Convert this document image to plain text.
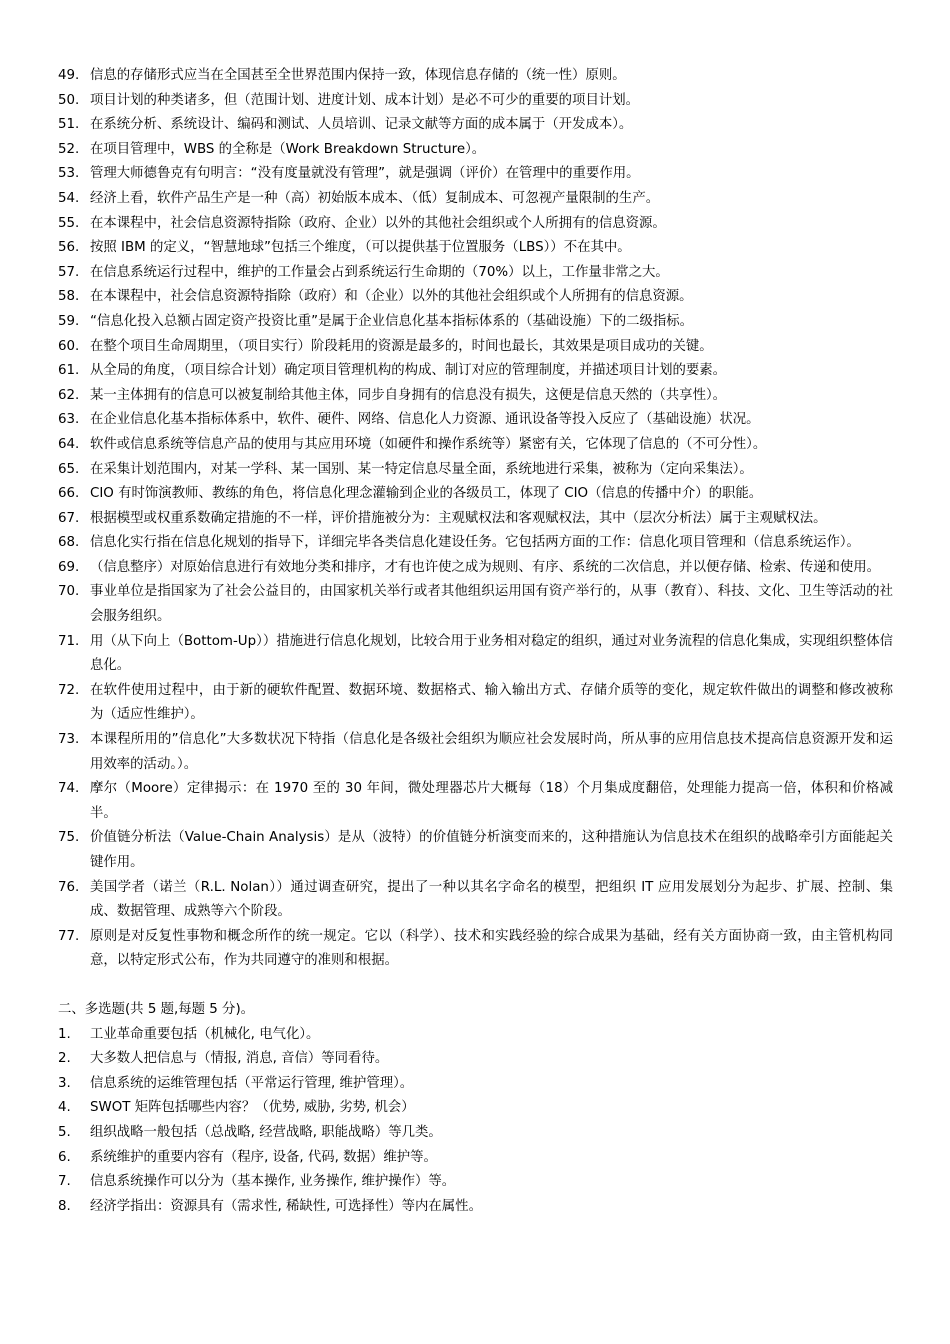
49. 信息的存储形式应当在全国甚至全世界范围内保持一致，体现信息存储的（统一性）原则。
50. 项目计划的种类诸多，但（范围计划、进度计划、成本计划）是必不可少的重要的项目计划。
51. 在系统分析、系统设计、编码和测试、人员培训、记录文献等方面的成本属于（开发成本）。
52. 在项目管理中，WBS 的全称是（Work Breakdown Structure）。
53. 管理大师德鲁克有句明言：“没有度量就没有管理”，就是强调（评价）在管理中的重要作用。
54. 经济上看，软件产品生产是一种（高）初始版本成本、（低）复制成本、可忽视产量限制的生产。
55. 在本课程中，社会信息资源特指除（政府、企业）以外的其他社会组织或个人所拥有的信息资源。
56. 按照 IBM 的定义，“智慧地球”包括三个维度，（可以提供基于位置服务（LBS））不在其中。
57. 在信息系统运行过程中，维护的工作量会占到系统运行生命期的（70%）以上，工作量非常之大。
58. 在本课程中，社会信息资源特指除（政府）和（企业）以外的其他社会组织或个人所拥有的信息资源。
59. “信息化投入总额占固定资产投资比重”是属于企业信息化基本指标体系的（基础设施）下的二级指标。
60. 在整个项目生命周期里，（项目实行）阶段耗用的资源是最多的，时间也最长，其效果是项目成功的关键。
61. 从全局的角度，（项目综合计划）确定项目管理机构的构成、制订对应的管理制度，并描述项目计划的要素。
62. 某一主体拥有的信息可以被复制给其他主体，同步自身拥有的信息没有损失，这便是信息天然的（共享性）。
63. 在企业信息化基本指标体系中，软件、硬件、网络、信息化人力资源、通讯设备等投入反应了（基础设施）状况。
64. 软件或信息系统等信息产品的使用与其应用环境（如硬件和操作系统等）紧密有关，它体现了信息的（不可分性）。
65. 在采集计划范围内，对某一学科、某一国别、某一特定信息尽量全面，系统地进行采集，被称为（定向采集法）。
66. CIO 有时饰演教师、教练的角色，将信息化理念灌输到企业的各级员工，体现了 CIO（信息的传播中介）的职能。
67. 根据模型或权重系数确定措施的不一样，评价措施被分为：主观赋权法和客观赋权法，其中（层次分析法）属于主观赋权法。
68. 信息化实行指在信息化规划的指导下，详细完毕各类信息化建设任务。它包括两方面的工作：信息化项目管理和（信息系统运作）。
69. （信息整序）对原始信息进行有效地分类和排序，才有也许使之成为规则、有序、系统的二次信息，并以便存储、检索、传递和使用。
70. 事业单位是指国家为了社会公益目的，由国家机关举行或者其他组织运用国有资产举行的，从事（教育）、科技、文化、卫生等活动的社会服务组织。
71. 用（从下向上（Bottom-Up））措施进行信息化规划，比较合用于业务相对稳定的组织，通过对业务流程的信息化集成，实现组织整体信息化。
72. 在软件使用过程中，由于新的硬软件配置、数据环境、数据格式、输入输出方式、存储介质等的变化，规定软件做出的调整和修改被称为（适应性维护）。
73. 本课程所用的”信息化”大多数状况下特指（信息化是各级社会组织为顺应社会发展时尚，所从事的应用信息技术提高信息资源开发和运用效率的活动。）。
74. 摩尔（Moore）定律揭示：在 1970 至的 30 年间，微处理器芯片大概每（18）个月集成度翻倍，处理能力提高一倍，体积和价格减半。
75. 价值链分析法（Value-Chain Analysis）是从（波特）的价值链分析演变而来的，这种措施认为信息技术在组织的战略牵引方面能起关键作用。
76. 美国学者（诺兰（R.L. Nolan））通过调查研究，提出了一种以其名字命名的模型，把组织 IT 应用发展划分为起步、扩展、控制、集成、数据管理、成熟等六个阶段。
77. 原则是对反复性事物和概念所作的统一规定。它以（科学）、技术和实践经验的综合成果为基础，经有关方面协商一致，由主管机构同意，以特定形式公布，作为共同遵守的准则和根据。
二、多选题(共 5 题,每题 5 分)。
1.	工业革命重要包括（机械化, 电气化）。
2.	大多数人把信息与（情报, 消息, 音信）等同看待。
3.	信息系统的运维管理包括（平常运行管理, 维护管理）。
4.	SWOT 矩阵包括哪些内容？（优势, 威胁, 劣势, 机会）
5.	组织战略一般包括（总战略, 经营战略, 职能战略）等几类。
6.	系统维护的重要内容有（程序, 设备, 代码, 数据）维护等。
7.	信息系统操作可以分为（基本操作, 业务操作, 维护操作）等。
8.	经济学指出：资源具有（需求性, 稀缺性, 可选择性）等内在属性。
